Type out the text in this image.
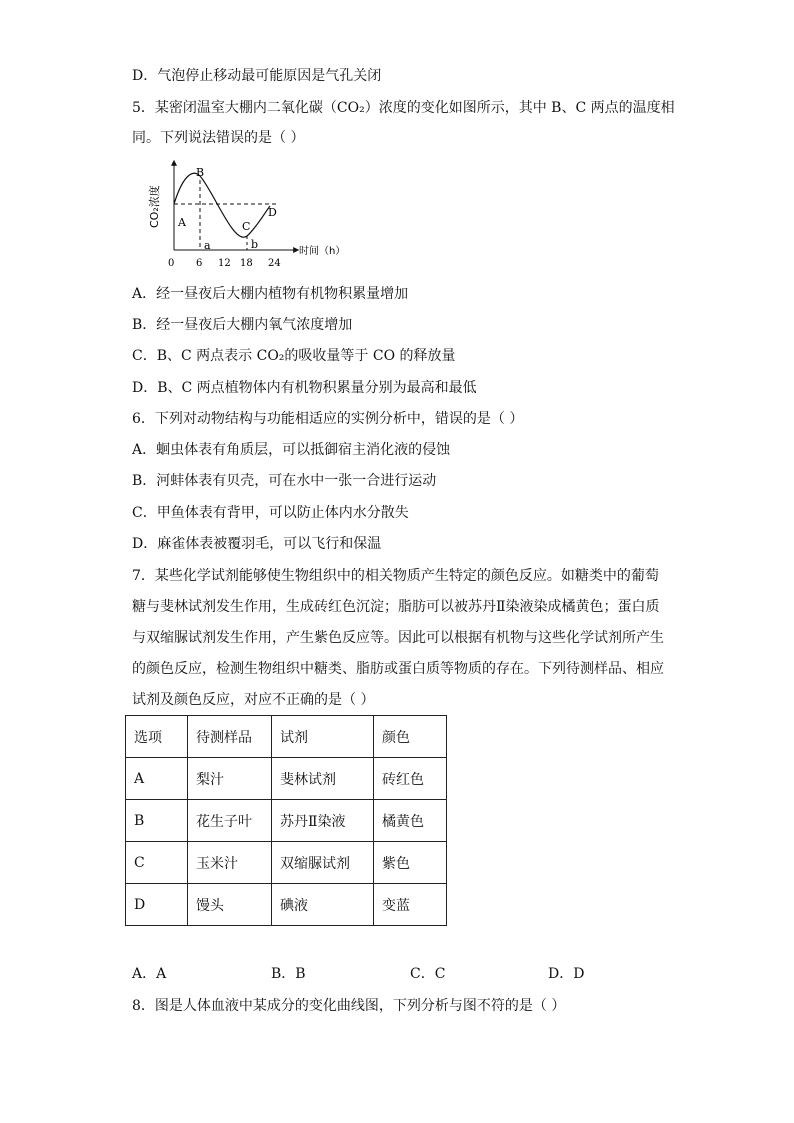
D．气泡停止移动最可能原因是气孔关闭
5．某密闭温室大棚内二氧化碳（CO₂）浓度的变化如图所示，其中 B、C 两点的温度相
同。下列说法错误的是（ ）
CO₂浓度
B
A	C
D
a	b
0 6 12 18 24
时间（h）
A．经一昼夜后大棚内植物有机物积累量增加
B．经一昼夜后大棚内氧气浓度增加
C．B、C 两点表示 CO₂的吸收量等于 CO 的释放量
D．B、C 两点植物体内有机物积累量分别为最高和最低
6．下列对动物结构与功能相适应的实例分析中，错误的是（ ）
A．蛔虫体表有角质层，可以抵御宿主消化液的侵蚀
B．河蚌体表有贝壳，可在水中一张一合进行运动
C．甲鱼体表有背甲，可以防止体内水分散失
D．麻雀体表被覆羽毛，可以飞行和保温
7．某些化学试剂能够使生物组织中的相关物质产生特定的颜色反应。如糖类中的葡萄
糖与斐林试剂发生作用，生成砖红色沉淀；脂肪可以被苏丹Ⅱ染液染成橘黄色；蛋白质
与双缩脲试剂发生作用，产生紫色反应等。因此可以根据有机物与这些化学试剂所产生
的颜色反应，检测生物组织中糖类、脂肪或蛋白质等物质的存在。下列待测样品、相应
试剂及颜色反应，对应不正确的是（ ）
选项	待测样品	试剂	颜色
A	梨汁	斐林试剂	砖红色
B	花生子叶	苏丹Ⅱ染液	橘黄色
C	玉米汁	双缩脲试剂	紫色
D	馒头	碘液	变蓝
A．A	B．B	C．C	D．D
8．图是人体血液中某成分的变化曲线图，下列分析与图不符的是（ ）
